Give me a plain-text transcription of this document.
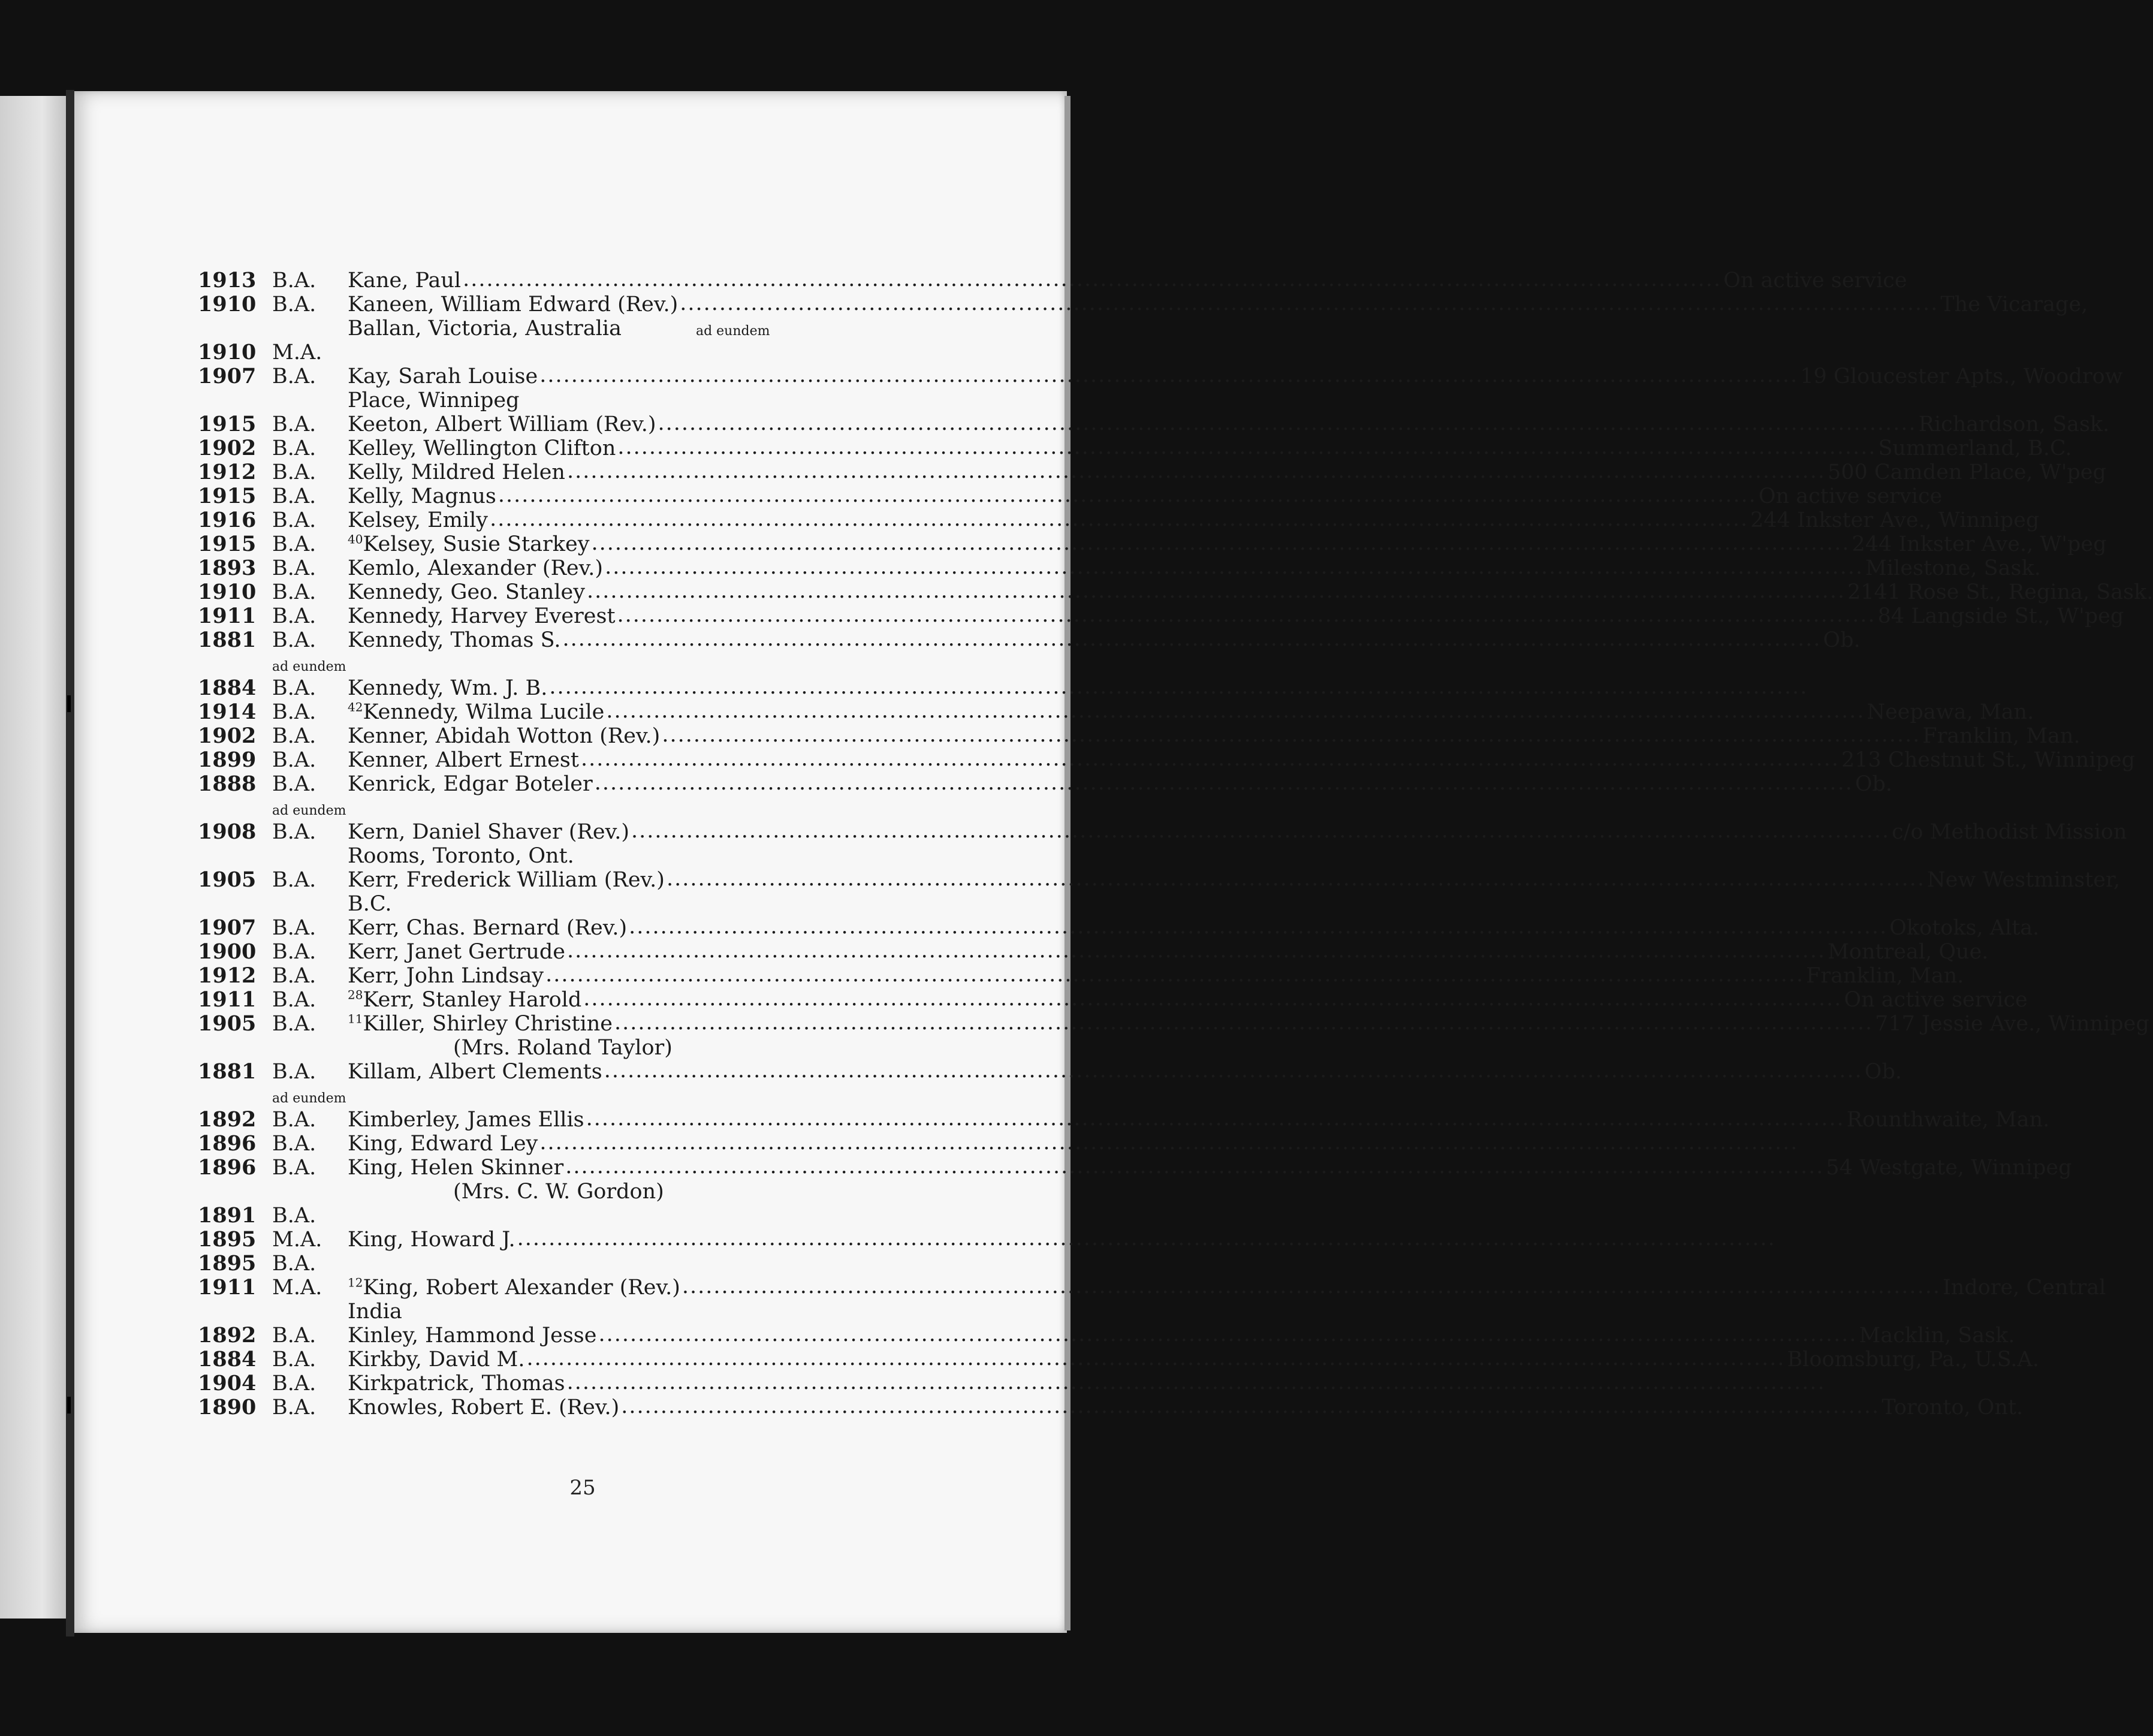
1913 B.A.	Kane, Paul ................................................................................................................................................................ On active service
1910 B.A.	Kaneen, William Edward (Rev.) ................................................................................................................................................................ The Vicarage,
Ballan, Victoria, Australia	ad eundem
1910 M.A.
1907 B.A.	Kay, Sarah Louise ................................................................................................................................................................ 19 Gloucester Apts., Woodrow
Place, Winnipeg
1915 B.A.	Keeton, Albert William (Rev.) ................................................................................................................................................................ Richardson, Sask.
1902 B.A.	Kelley, Wellington Clifton ................................................................................................................................................................ Summerland, B.C.
1912 B.A.	Kelly, Mildred Helen ................................................................................................................................................................ 500 Camden Place, W'peg
1915 B.A.	Kelly, Magnus ................................................................................................................................................................ On active service
1916 B.A.	Kelsey, Emily ................................................................................................................................................................ 244 Inkster Ave., Winnipeg
1915 B.A.	$^{40}$Kelsey, Susie Starkey ................................................................................................................................................................ 244 Inkster Ave., W'peg
1893 B.A.	Kemlo, Alexander (Rev.) ................................................................................................................................................................ Milestone, Sask.
1910 B.A.	Kennedy, Geo. Stanley ................................................................................................................................................................ 2141 Rose St., Regina, Sask.
1911 B.A.	Kennedy, Harvey Everest ................................................................................................................................................................ 84 Langside St., W'peg
1881 B.A.	Kennedy, Thomas S. ................................................................................................................................................................ Ob.
ad eundem
1884 B.A.	Kennedy, Wm. J. B. ................................................................................................................................................................
1914 B.A.	$^{42}$Kennedy, Wilma Lucile ................................................................................................................................................................ Neepawa, Man.
1902 B.A.	Kenner, Abidah Wotton (Rev.) ................................................................................................................................................................ Franklin, Man.
1899 B.A.	Kenner, Albert Ernest ................................................................................................................................................................ 213 Chestnut St., Winnipeg
1888 B.A.	Kenrick, Edgar Boteler ................................................................................................................................................................ Ob.
ad eundem
1908 B.A.	Kern, Daniel Shaver (Rev.) ................................................................................................................................................................ c/o Methodist Mission
Rooms, Toronto, Ont.
1905 B.A.	Kerr, Frederick William (Rev.) ................................................................................................................................................................ New Westminster,
B.C.
1907 B.A.	Kerr, Chas. Bernard (Rev.) ................................................................................................................................................................ Okotoks, Alta.
1900 B.A.	Kerr, Janet Gertrude ................................................................................................................................................................ Montreal, Que.
1912 B.A.	Kerr, John Lindsay ................................................................................................................................................................ Franklin, Man.
1911 B.A.	$^{28}$Kerr, Stanley Harold ................................................................................................................................................................ On active service
1905 B.A.	$^{11}$Killer, Shirley Christine ................................................................................................................................................................ 717 Jessie Ave., Winnipeg
(Mrs. Roland Taylor)
1881 B.A.	Killam, Albert Clements ................................................................................................................................................................ Ob.
ad eundem
1892 B.A.	Kimberley, James Ellis ................................................................................................................................................................ Rounthwaite, Man.
1896 B.A.	King, Edward Ley ................................................................................................................................................................
1896 B.A.	King, Helen Skinner ................................................................................................................................................................ 54 Westgate, Winnipeg
(Mrs. C. W. Gordon)
1891 B.A.
1895 M.A.	King, Howard J. ................................................................................................................................................................
1895 B.A.
1911 M.A.	$^{12}$King, Robert Alexander (Rev.) ................................................................................................................................................................ Indore, Central
India
1892 B.A.	Kinley, Hammond Jesse ................................................................................................................................................................ Macklin, Sask.
1884 B.A.	Kirkby, David M. ................................................................................................................................................................ Bloomsburg, Pa., U.S.A.
1904 B.A.	Kirkpatrick, Thomas ................................................................................................................................................................
1890 B.A.	Knowles, Robert E. (Rev.) ................................................................................................................................................................ Toronto, Ont.
25
